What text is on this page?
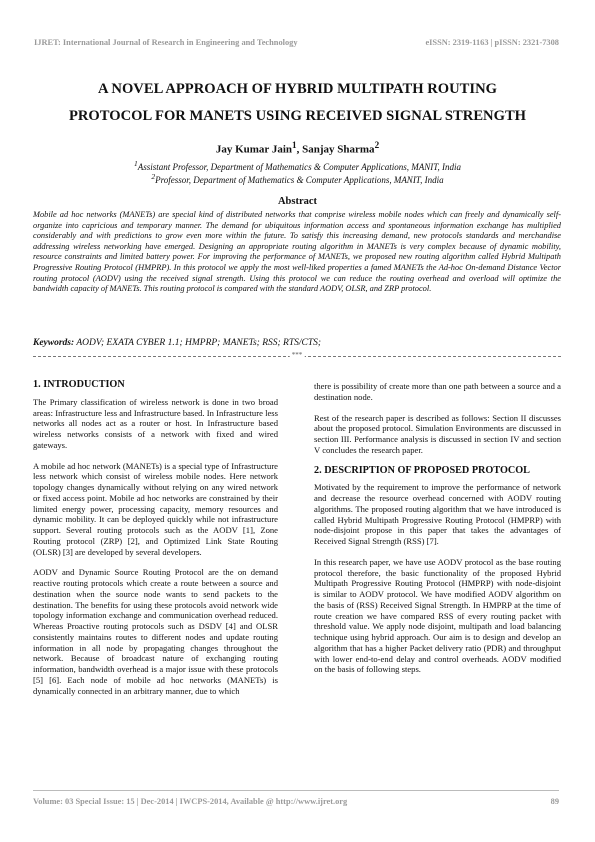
IJRET: International Journal of Research in Engineering and Technology	eISSN: 2319-1163 | pISSN: 2321-7308
A NOVEL APPROACH OF HYBRID MULTIPATH ROUTING
PROTOCOL FOR MANETS USING RECEIVED SIGNAL STRENGTH
Jay Kumar Jain$^1$, Sanjay Sharma$^2$
$^1$Assistant Professor, Department of Mathematics & Computer Applications, MANIT, India
$^2$Professor, Department of Mathematics & Computer Applications, MANIT, India
Abstract
Mobile ad hoc networks (MANETs) are special kind of distributed networks that comprise wireless mobile nodes which can freely and dynamically self-organize into capricious and temporary manner. The demand for ubiquitous information access and spontaneous information exchange has multiplied considerably and with predictions to grow even more within the future. To satisfy this increasing demand, new protocols standards and merchandise addressing wireless networking have emerged. Designing an appropriate routing algorithm in MANETs is very complex because of dynamic mobility, resource constraints and limited battery power. For improving the performance of MANETs, we proposed new routing algorithm called Hybrid Multipath Progressive Routing Protocol (HMPRP). In this protocol we apply the most well-liked properties a famed MANETs the Ad-hoc On-demand Distance Vector routing protocol (AODV) using the received signal strength. Using this protocol we can reduce the routing overhead and overload will optimize the bandwidth capacity of MANETs. This routing protocol is compared with the standard AODV, OLSR, and ZRP protocol.
Keywords: AODV; EXATA CYBER 1.1; HMPRP; MANETs; RSS; RTS/CTS;
***
1. INTRODUCTION

The Primary classification of wireless network is done in two broad areas: Infrastructure less and Infrastructure based. In Infrastructure less networks all nodes act as a router or host. In Infrastructure based wireless networks consists of a network with fixed and wired gateways.

A mobile ad hoc network (MANETs) is a special type of Infrastructure less network which consist of wireless mobile nodes. Here network topology changes dynamically without relying on any wired network or fixed access point. Mobile ad hoc networks are constrained by their limited energy power, processing capacity, memory resources and dynamic mobility. It can be deployed quickly while not infrastructure support. Several routing protocols such as the AODV [1], Zone Routing protocol (ZRP) [2], and Optimized Link State Routing (OLSR) [3] are developed by several developers.

AODV and Dynamic Source Routing Protocol are the on demand reactive routing protocols which create a route between a source and destination when the source node wants to send packets to the destination. The benefits for using these protocols avoid network wide topology information exchange and communication overhead reduced. Whereas Proactive routing protocols such as DSDV [4] and OLSR consistently maintains routes to different nodes and update routing information in all node by propagating changes throughout the network. Because of broadcast nature of exchanging routing information, bandwidth overhead is a major issue with these protocols [5] [6]. Each node of mobile ad hoc networks (MANETs) is dynamically connected in an arbitrary manner, due to which

there is possibility of create more than one path between a source and a destination node.

Rest of the research paper is described as follows: Section II discusses about the proposed protocol. Simulation Environments are discussed in section III. Performance analysis is discussed in section IV and section V concludes the research paper.

2. DESCRIPTION OF PROPOSED PROTOCOL

Motivated by the requirement to improve the performance of network and decrease the resource overhead concerned with AODV routing algorithms. The proposed routing algorithm that we have introduced is called Hybrid Multipath Progressive Routing Protocol (HMPRP) with node-disjoint propose in this paper that takes the advantages of Received Signal Strength (RSS) [7].

In this research paper, we have use AODV protocol as the base routing protocol therefore, the basic functionality of the proposed Hybrid Multipath Progressive Routing Protocol (HMPRP) with node-disjoint is similar to AODV protocol. We have modified AODV algorithm on the basis of (RSS) Received Signal Strength. In HMPRP at the time of route creation we have compared RSS of every routing packet with threshold value. We apply node disjoint, multipath and load balancing technique using hybrid approach. Our aim is to design and develop an algorithm that has a higher Packet delivery ratio (PDR) and throughput with lower end-to-end delay and control overheads. AODV modified on the basis of following steps.

Volume: 03 Special Issue: 15 | Dec-2014 | IWCPS-2014, Available @ http://www.ijret.org	89
